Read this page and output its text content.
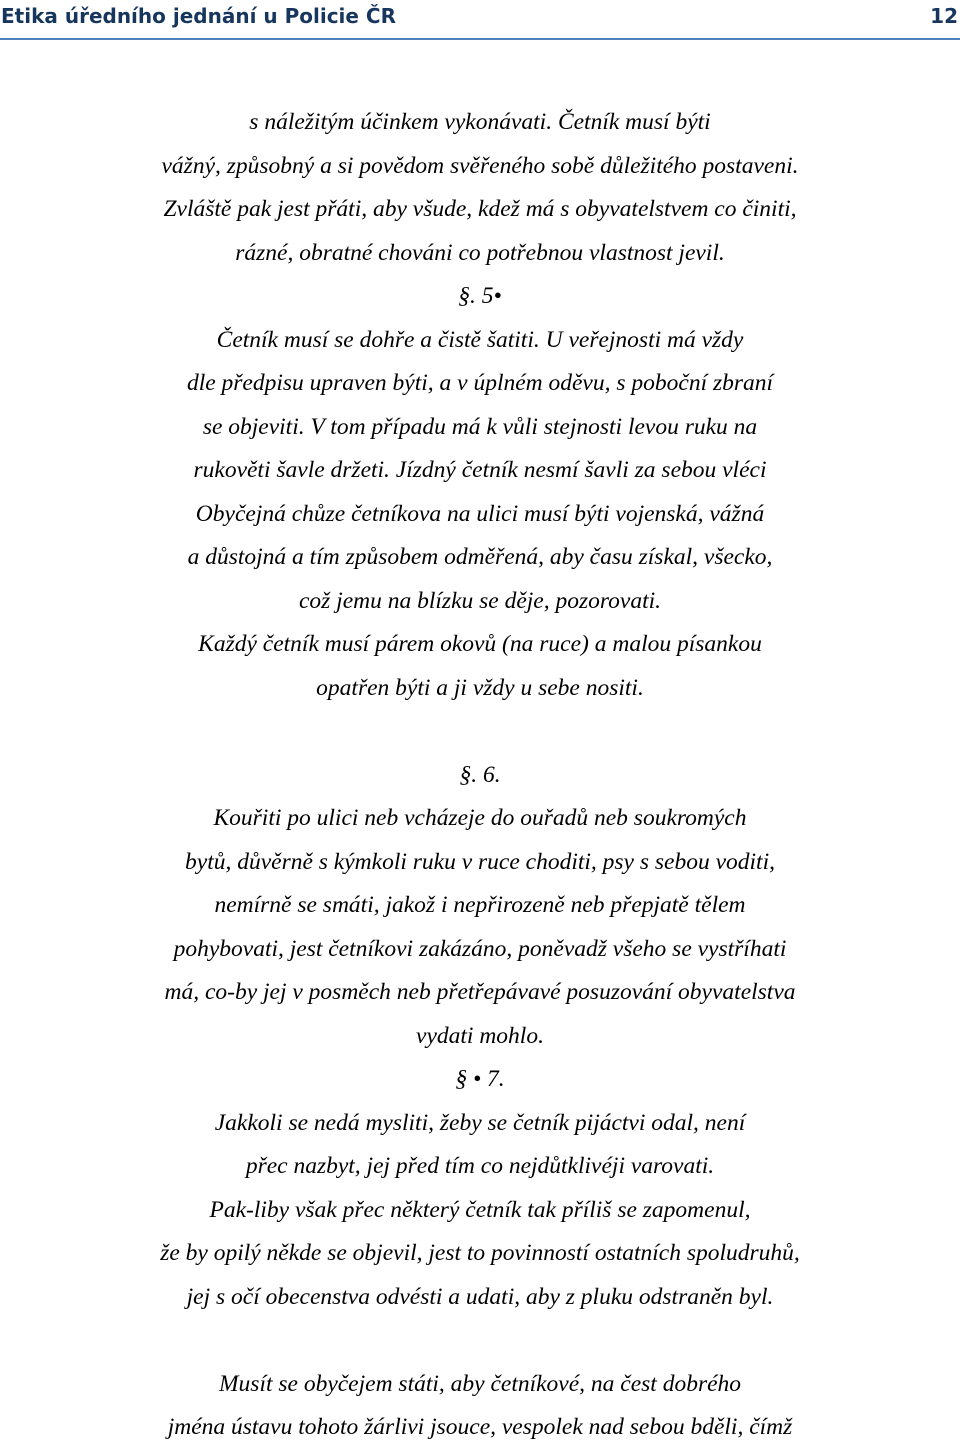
Etika úředního jednání u Policie ČR	12
s náležitým účinkem vykonávati. Četník musí býti
vážný, způsobný a si povědom svěřeného sobě důležitého postaveni.
Zvláště pak jest přáti, aby všude, kdež má s obyvatelstvem co činiti,
rázné, obratné chováni co potřebnou vlastnost jevil.
§. 5•
Četník musí se dohře a čistě šatiti. U veřejnosti má vždy
dle předpisu upraven býti, a v úplném oděvu, s poboční zbraní
se objeviti. V tom případu má k vůli stejnosti levou ruku na
rukověti šavle držeti. Jízdný četník nesmí šavli za sebou vléci
Obyčejná chůze četníkova na ulici musí býti vojenská, vážná
a důstojná a tím způsobem odměřená, aby času získal, všecko,
což jemu na blízku se děje, pozorovati.
Každý četník musí párem okovů (na ruce) a malou písankou
opatřen býti a ji vždy u sebe nositi.
§. 6.
Kouřiti po ulici neb vcházeje do ouřadů neb soukromých
bytů, důvěrně s kýmkoli ruku v ruce choditi, psy s sebou voditi,
nemírně se smáti, jakož i nepřirozeně neb přepjatě tělem
pohybovati, jest četníkovi zakázáno, poněvadž všeho se vystříhati
má, co-by jej v posměch neb přetřepávavé posuzování obyvatelstva
vydati mohlo.
§ • 7.
Jakkoli se nedá mysliti, žeby se četník pijáctvi odal, není
přec nazbyt, jej před tím co nejdůtklivéji varovati.
Pak-liby však přec některý četník tak příliš se zapomenul,
že by opilý někde se objevil, jest to povinností ostatních spoludruhů,
jej s očí obecenstva odvésti a udati, aby z pluku odstraněn byl.
Musít se obyčejem státi, aby četníkové, na čest dobrého
jména ústavu tohoto žárlivi jsouce, vespolek nad sebou bděli, čímž
